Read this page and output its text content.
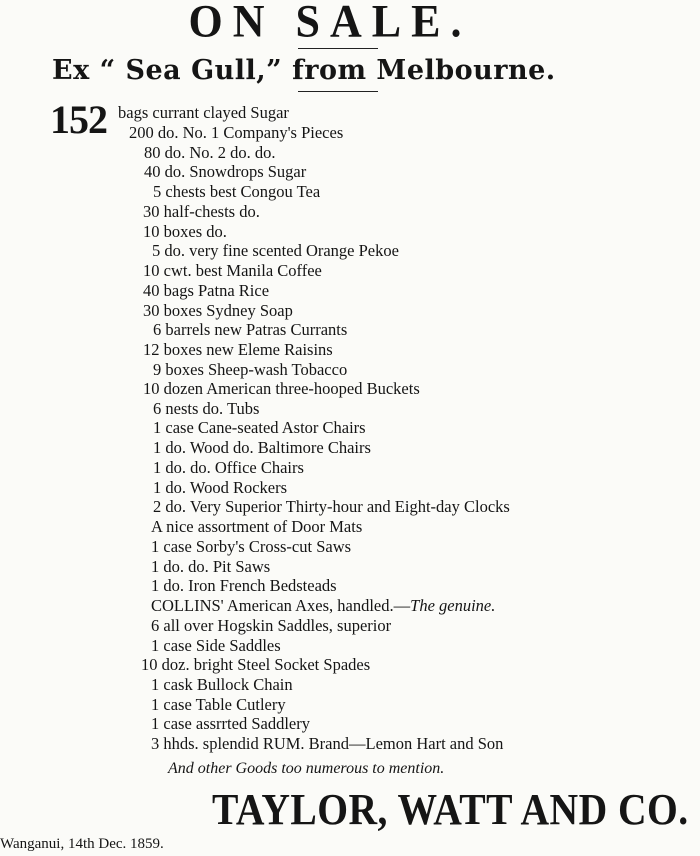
ON SALE.
Ex “ Sea Gull,” from Melbourne.
152 bags currant clayed Sugar
200 do. No. 1 Company's Pieces
80 do. No. 2 do. do.
40 do. Snowdrops Sugar
5 chests best Congou Tea
30 half-chests do.
10 boxes do.
5 do. very fine scented Orange Pekoe
10 cwt. best Manila Coffee
40 bags Patna Rice
30 boxes Sydney Soap
6 barrels new Patras Currants
12 boxes new Eleme Raisins
9 boxes Sheep-wash Tobacco
10 dozen American three-hooped Buckets
6 nests do. Tubs
1 case Cane-seated Astor Chairs
1 do. Wood do. Baltimore Chairs
1 do. do. Office Chairs
1 do. Wood Rockers
2 do. Very Superior Thirty-hour and Eight-day Clocks
A nice assortment of Door Mats
1 case Sorby's Cross-cut Saws
1 do. do. Pit Saws
1 do. Iron French Bedsteads
COLLINS' American Axes, handled.—The genuine.
6 all over Hogskin Saddles, superior
1 case Side Saddles
10 doz. bright Steel Socket Spades
1 cask Bullock Chain
1 case Table Cutlery
1 case assrrted Saddlery
3 hhds. splendid RUM. Brand—Lemon Hart and Son
And other Goods too numerous to mention.
TAYLOR, WATT AND CO.
Wanganui, 14th Dec. 1859.
